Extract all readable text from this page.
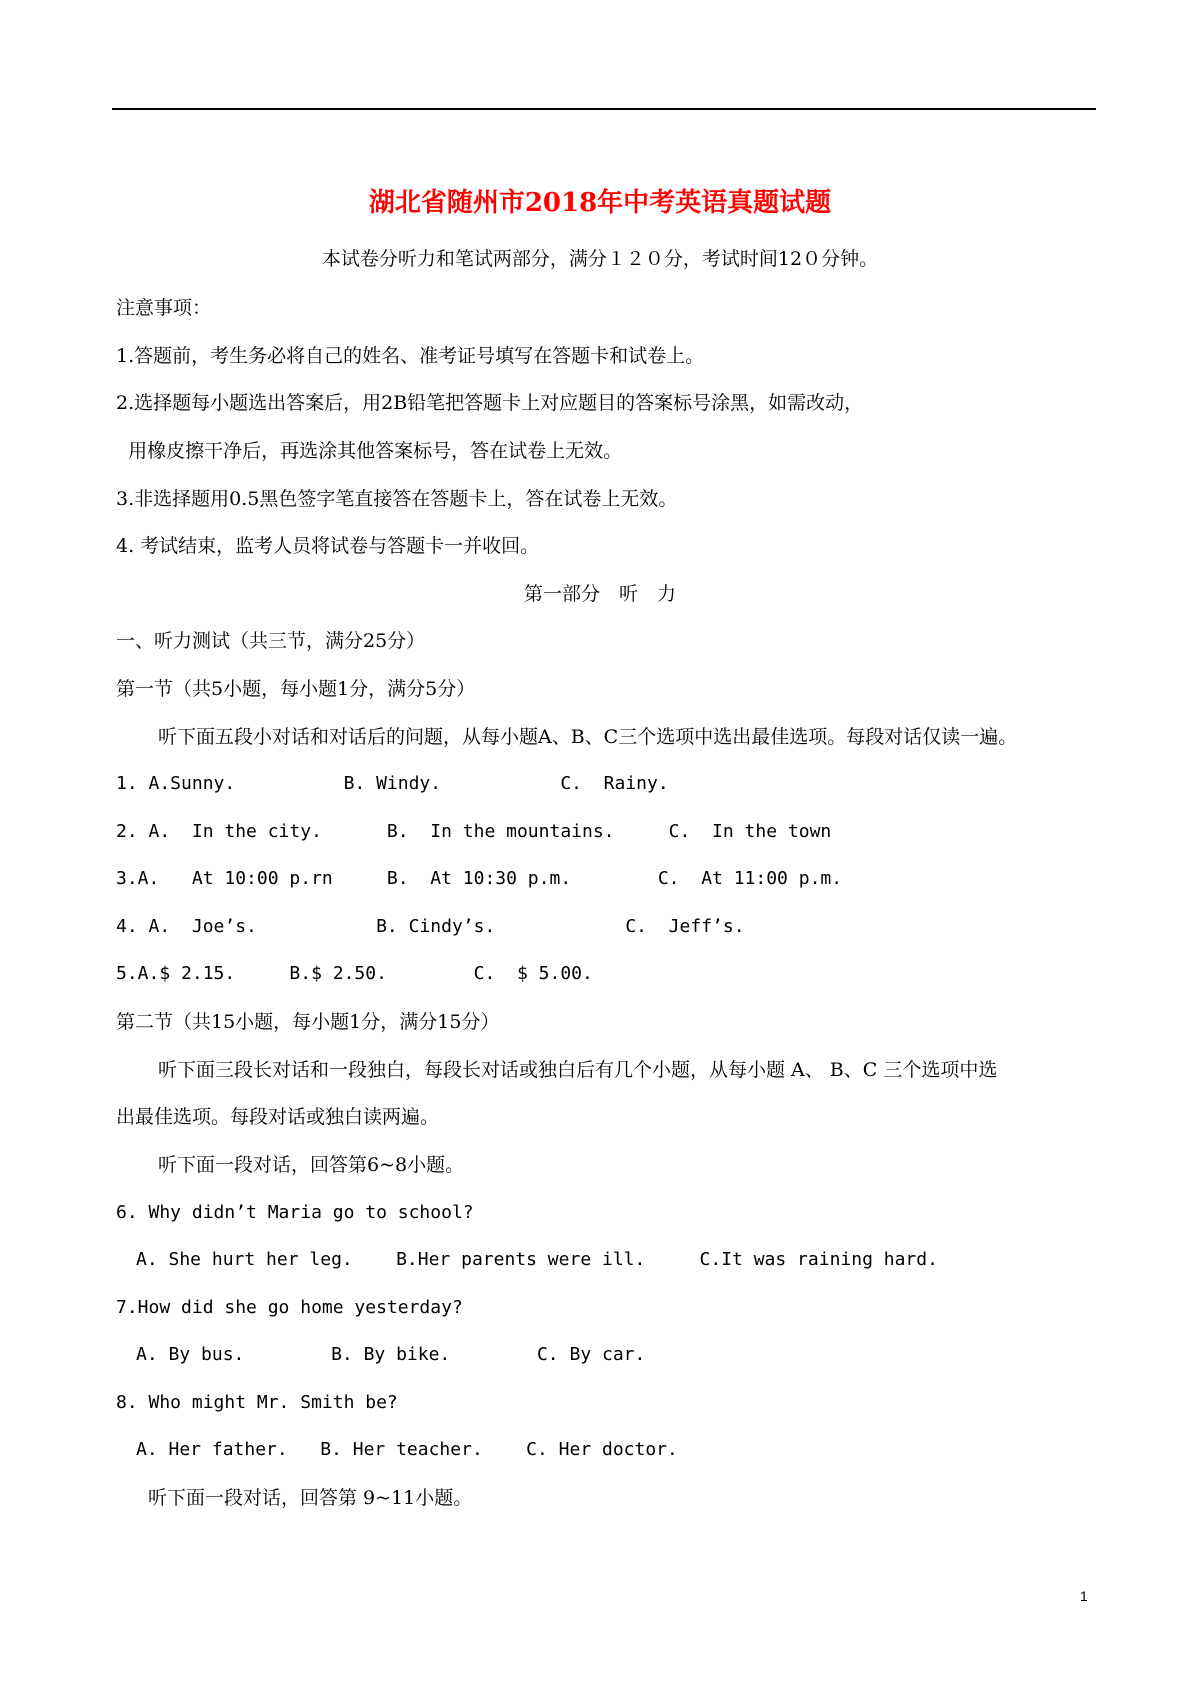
湖北省随州市2018年中考英语真题试题
本试卷分听力和笔试两部分，满分１２０分，考试时间12０分钟。
注意事项：
1.答题前，考生务必将自己的姓名、准考证号填写在答题卡和试卷上。
2.选择题每小题选出答案后，用2B铅笔把答题卡上对应题目的答案标号涂黑，如需改动，
用橡皮擦干净后，再选涂其他答案标号，答在试卷上无效。
3.非选择题用0.5黑色签字笔直接答在答题卡上，答在试卷上无效。
4. 考试结束，监考人员将试卷与答题卡一并收回。
第一部分　听　力
一、听力测试（共三节，满分25分）
第一节（共5小题，每小题1分，满分5分）
听下面五段小对话和对话后的问题，从每小题A、B、C三个选项中选出最佳选项。每段对话仅读一遍。
1. A.Sunny.          B. Windy.           C.  Rainy.
2. A.  In the city.      B.  In the mountains.     C.  In the town
3.A.   At 10:00 p.rn     B.  At 10:30 p.m.        C.  At 11:00 p.m.
4. A.  Joe’s.           B. Cindy’s.            C.  Jeff’s.
5.A.$ 2.15.     B.$ 2.50.        C.  $ 5.00.
第二节（共15小题，每小题1分，满分15分）
听下面三段长对话和一段独白，每段长对话或独白后有几个小题，从每小题 A、 B、C 三个选项中选
出最佳选项。每段对话或独白读两遍。
听下面一段对话，回答第6~8小题。
6. Why didn’t Maria go to school?
A. She hurt her leg.    B.Her parents were ill.     C.It was raining hard.
7.How did she go home yesterday?
A. By bus.        B. By bike.        C. By car.
8. Who might Mr. Smith be?
A. Her father.   B. Her teacher.    C. Her doctor.
听下面一段对话，回答第 9~11小题。
1
